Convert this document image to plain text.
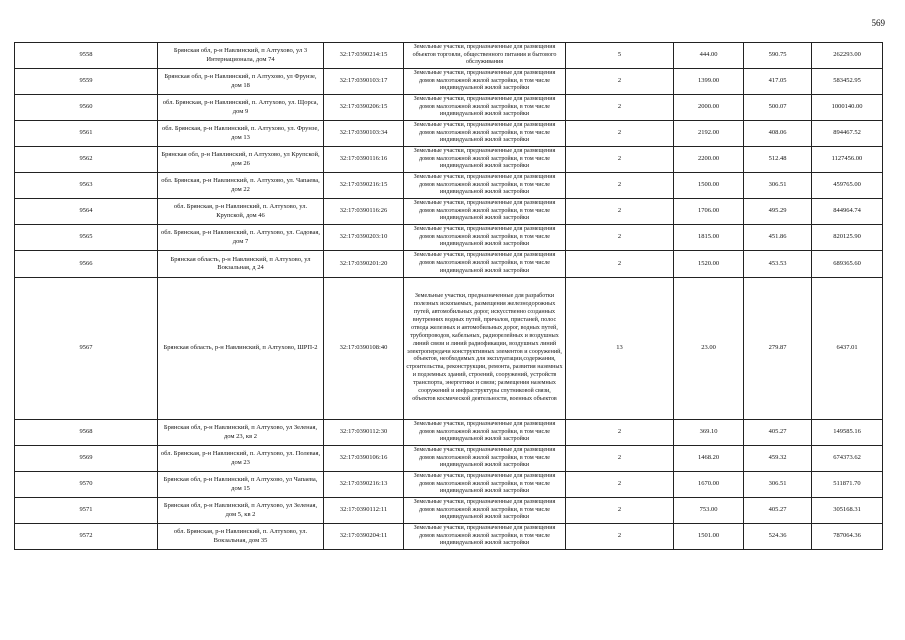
569
9558	Брянская обл, р-н Навлинский, п Алтухово, ул 3 Интернационала, дом 74	32:17:0390214:15	Земельные участки, предназначенные для размещения объектов торговли, общественного питания и бытового обслуживания	5	444.00	590.75	262293.00
9559	Брянская обл, р-н Навлинский, п Алтухово, ул Фрунзе, дом 18	32:17:0390103:17	Земельные участки, предназначенные для размещения домов малоэтажной жилой застройки, в том числе индивидуальной жилой застройки	2	1399.00	417.05	583452.95
9560	обл. Брянская, р-н Навлинский, п. Алтухово, ул. Щорса, дом 9	32:17:0390206:15	Земельные участки, предназначенные для размещения домов малоэтажной жилой застройки, в том числе индивидуальной жилой застройки	2	2000.00	500.07	1000140.00
9561	обл. Брянская, р-н Навлинский, п. Алтухово, ул. Фрунзе, дом 13	32:17:0390103:34	Земельные участки, предназначенные для размещения домов малоэтажной жилой застройки, в том числе индивидуальной жилой застройки	2	2192.00	408.06	894467.52
9562	Брянская обл, р-н Навлинский, п Алтухово, ул Крупской, дом 26	32:17:0390116:16	Земельные участки, предназначенные для размещения домов малоэтажной жилой застройки, в том числе индивидуальной жилой застройки	2	2200.00	512.48	1127456.00
9563	обл. Брянская, р-н Навлинский, п. Алтухово, ул. Чапаева, дом 22	32:17:0390216:15	Земельные участки, предназначенные для размещения домов малоэтажной жилой застройки, в том числе индивидуальной жилой застройки	2	1500.00	306.51	459765.00
9564	обл. Брянская, р-н Навлинский, п. Алтухово, ул. Крупской, дом 46	32:17:0390116:26	Земельные участки, предназначенные для размещения домов малоэтажной жилой застройки, в том числе индивидуальной жилой застройки	2	1706.00	495.29	844964.74
9565	обл. Брянская, р-н Навлинский, п. Алтухово, ул. Садовая, дом 7	32:17:0390203:10	Земельные участки, предназначенные для размещения домов малоэтажной жилой застройки, в том числе индивидуальной жилой застройки	2	1815.00	451.86	820125.90
9566	Брянская область, р-н Навлинский, п Алтухово, ул Вокзальная, д 24	32:17:0390201:20	Земельные участки, предназначенные для размещения домов малоэтажной жилой застройки, в том числе индивидуальной жилой застройки	2	1520.00	453.53	689365.60
9567	Брянская область, р-н Навлинский, п Алтухово, ШРП-2	32:17:0390108:40	Земельные участки, предназначенные для разработки полезных ископаемых, размещения железнодорожных путей, автомобильных дорог, искусственно созданных внутренних водных путей, причалов, пристаней, полос отвода железных и автомобильных дорог, водных путей, трубопроводов, кабельных, радиорелейных и воздушных линий связи и линий радиофикации, воздушных линий электропередачи конструктивных элементов и сооружений, объектов, необходимых для эксплуатации,содержания, строительства, реконструкции, ремонта, развития наземных и подземных зданий, строений, сооружений, устройств транспорта, энергетики и связи; размещения наземных сооружений и инфраструктуры спутниковой связи, объектов космической деятельности, военных объектов	13	23.00	279.87	6437.01
9568	Брянская обл, р-н Навлинский, п Алтухово, ул Зеленая, дом 23, кв 2	32:17:0390112:30	Земельные участки, предназначенные для размещения домов малоэтажной жилой застройки, в том числе индивидуальной жилой застройки	2	369.10	405.27	149585.16
9569	обл. Брянская, р-н Навлинский, п. Алтухово, ул. Полевая, дом 23	32:17:0390106:16	Земельные участки, предназначенные для размещения домов малоэтажной жилой застройки, в том числе индивидуальной жилой застройки	2	1468.20	459.32	674373.62
9570	Брянская обл, р-н Навлинский, п Алтухово, ул Чапаева, дом 15	32:17:0390216:13	Земельные участки, предназначенные для размещения домов малоэтажной жилой застройки, в том числе индивидуальной жилой застройки	2	1670.00	306.51	511871.70
9571	Брянская обл, р-н Навлинский, п Алтухово, ул Зеленая, дом 5, кв 2	32:17:0390112:11	Земельные участки, предназначенные для размещения домов малоэтажной жилой застройки, в том числе индивидуальной жилой застройки	2	753.00	405.27	305168.31
9572	обл. Брянская, р-н Навлинский, п. Алтухово, ул. Вокзальная, дом 35	32:17:0390204:11	Земельные участки, предназначенные для размещения домов малоэтажной жилой застройки, в том числе индивидуальной жилой застройки	2	1501.00	524.36	787064.36
